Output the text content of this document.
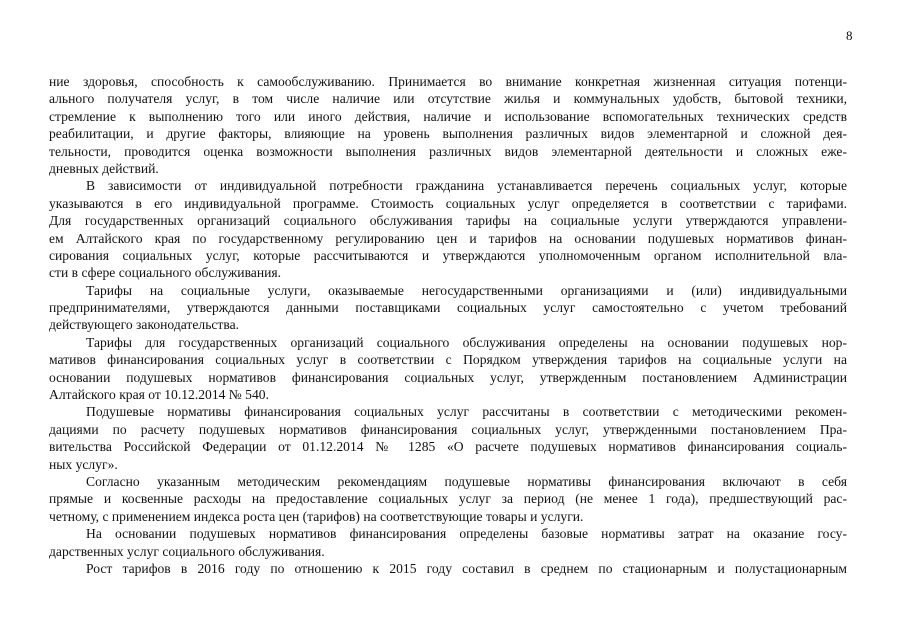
8
ние здоровья, способность к самообслуживанию. Принимается во внимание конкретная жизненная ситуация потенци-
ального получателя услуг, в том числе наличие или отсутствие жилья и коммунальных удобств, бытовой техники,
стремление к выполнению того или иного действия, наличие и использование вспомогательных технических средств
реабилитации, и другие факторы, влияющие на уровень выполнения различных видов элементарной и сложной дея-
тельности, проводится оценка возможности выполнения различных видов элементарной деятельности и сложных еже-
дневных действий.
В зависимости от индивидуальной потребности гражданина устанавливается перечень социальных услуг, которые
указываются в его индивидуальной программе. Стоимость социальных услуг определяется в соответствии с тарифами.
Для государственных организаций социального обслуживания тарифы на социальные услуги утверждаются управлени-
ем Алтайского края по государственному регулированию цен и тарифов на основании подушевых нормативов финан-
сирования социальных услуг, которые рассчитываются и утверждаются уполномоченным органом исполнительной вла-
сти в сфере социального обслуживания.
Тарифы на социальные услуги, оказываемые негосударственными организациями и (или) индивидуальными
предпринимателями, утверждаются данными поставщиками социальных услуг самостоятельно с учетом требований
действующего законодательства.
Тарифы для государственных организаций социального обслуживания определены на основании подушевых нор-
мативов финансирования социальных услуг в соответствии с Порядком утверждения тарифов на социальные услуги на
основании подушевых нормативов финансирования социальных услуг, утвержденным постановлением Администрации
Алтайского края от 10.12.2014 № 540.
Подушевые нормативы финансирования социальных услуг рассчитаны в соответствии с методическими рекомен-
дациями по расчету подушевых нормативов финансирования социальных услуг, утвержденными постановлением Пра-
вительства Российской Федерации от 01.12.2014 № 1285 «О расчете подушевых нормативов финансирования социаль-
ных услуг».
Согласно указанным методическим рекомендациям подушевые нормативы финансирования включают в себя
прямые и косвенные расходы на предоставление социальных услуг за период (не менее 1 года), предшествующий рас-
четному, с применением индекса роста цен (тарифов) на соответствующие товары и услуги.
На основании подушевых нормативов финансирования определены базовые нормативы затрат на оказание госу-
дарственных услуг социального обслуживания.
Рост тарифов в 2016 году по отношению к 2015 году составил в среднем по стационарным и полустационарным
